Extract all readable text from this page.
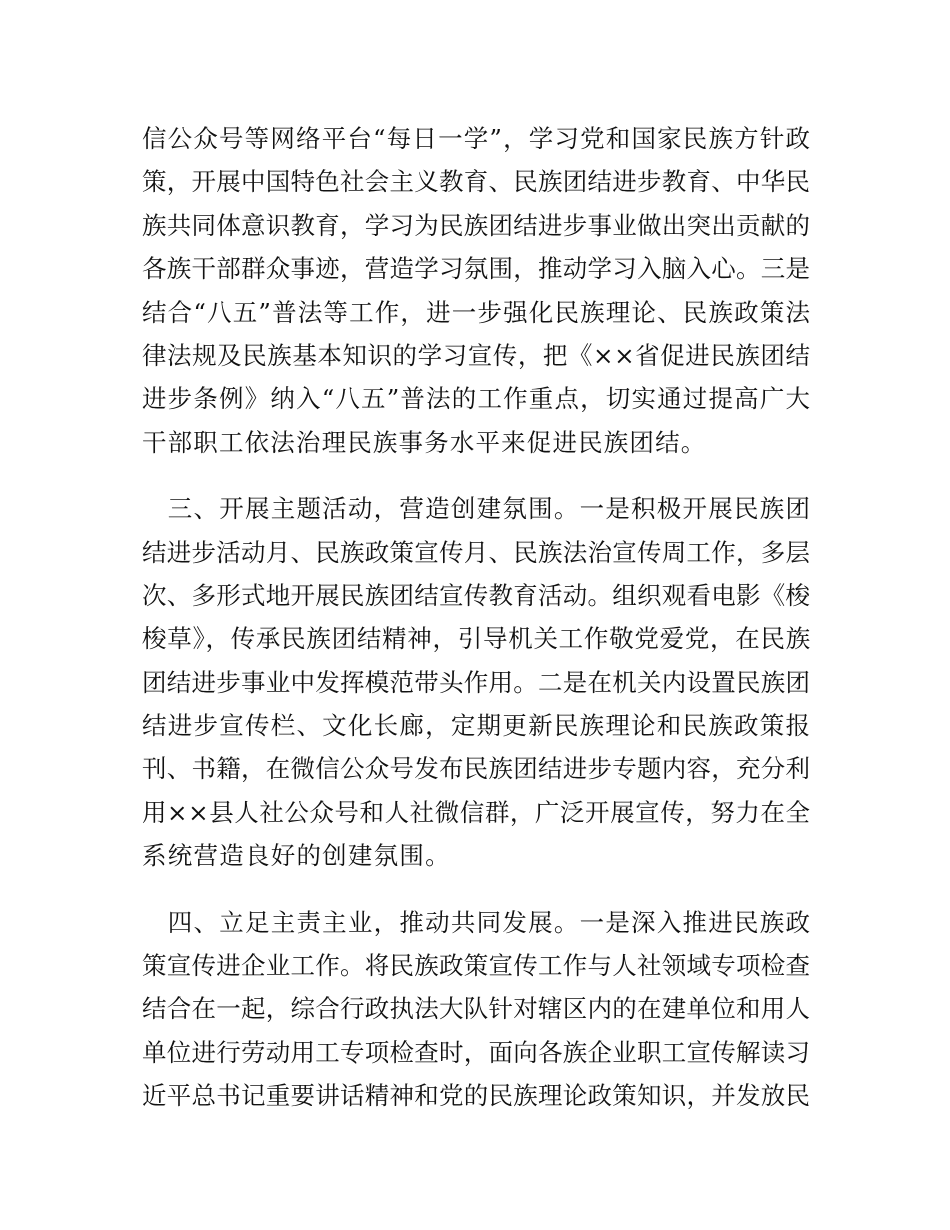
信公众号等网络平台“每日一学”，学习党和国家民族方针政
策，开展中国特色社会主义教育、民族团结进步教育、中华民
族共同体意识教育，学习为民族团结进步事业做出突出贡献的
各族干部群众事迹，营造学习氛围，推动学习入脑入心。三是
结合“八五”普法等工作，进一步强化民族理论、民族政策法
律法规及民族基本知识的学习宣传，把《××省促进民族团结
进步条例》纳入“八五”普法的工作重点，切实通过提高广大
干部职工依法治理民族事务水平来促进民族团结。
　三、开展主题活动，营造创建氛围。一是积极开展民族团
结进步活动月、民族政策宣传月、民族法治宣传周工作，多层
次、多形式地开展民族团结宣传教育活动。组织观看电影《梭
梭草》，传承民族团结精神，引导机关工作敬党爱党，在民族
团结进步事业中发挥模范带头作用。二是在机关内设置民族团
结进步宣传栏、文化长廊，定期更新民族理论和民族政策报
刊、书籍，在微信公众号发布民族团结进步专题内容，充分利
用××县人社公众号和人社微信群，广泛开展宣传，努力在全
系统营造良好的创建氛围。
　四、立足主责主业，推动共同发展。一是深入推进民族政
策宣传进企业工作。将民族政策宣传工作与人社领域专项检查
结合在一起，综合行政执法大队针对辖区内的在建单位和用人
单位进行劳动用工专项检查时，面向各族企业职工宣传解读习
近平总书记重要讲话精神和党的民族理论政策知识，并发放民
